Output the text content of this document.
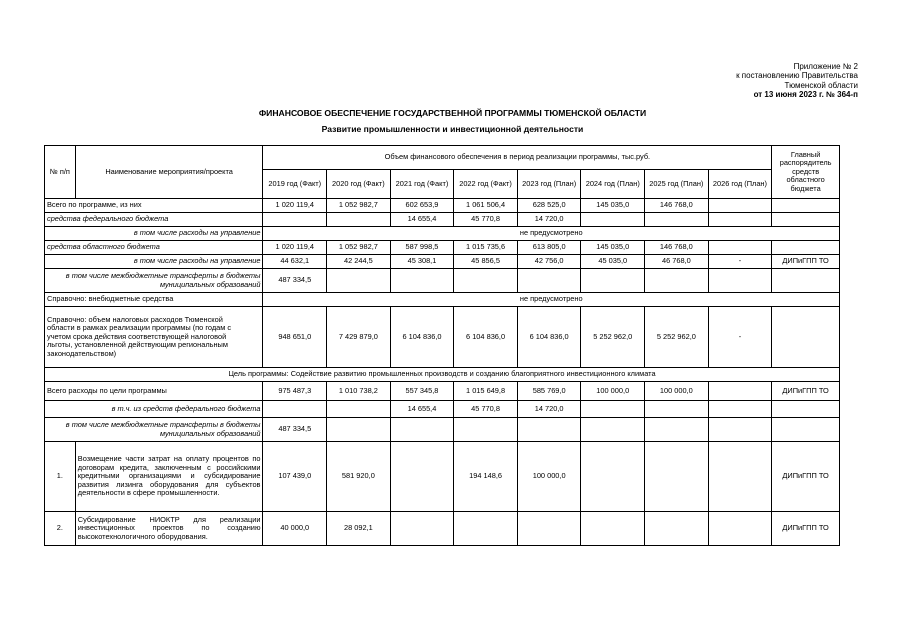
Приложение № 2
к постановлению Правительства
Тюменской области
от 13 июня 2023 г. № 364-п
ФИНАНСОВОЕ ОБЕСПЕЧЕНИЕ ГОСУДАРСТВЕННОЙ ПРОГРАММЫ ТЮМЕНСКОЙ ОБЛАСТИ
Развитие промышленности и инвестиционной деятельности
№ п/п	Наименование мероприятия/проекта	Объем финансового обеспечения в период реализации программы, тыс.руб.								Главный распорядитель средств областного бюджета
		2019 год (Факт)	2020 год (Факт)	2021 год (Факт)	2022 год (Факт)	2023 год (План)	2024 год (План)	2025 год (План)	2026 год (План)	
Всего по программе, из них		1 020 119,4	1 052 982,7	602 653,9	1 061 506,4	628 525,0	145 035,0	146 768,0		
средства федерального бюджета				14 655,4	45 770,8	14 720,0				
в том числе расходы на управление		не предусмотрено								
средства областного бюджета		1 020 119,4	1 052 982,7	587 998,5	1 015 735,6	613 805,0	145 035,0	146 768,0		
в том числе расходы на управление		44 632,1	42 244,5	45 308,1	45 856,5	42 756,0	45 035,0	46 768,0	-	ДИПиГПП ТО
в том числе межбюджетные трансферты в бюджеты муниципальных образований		487 334,5								
Справочно: внебюджетные средства		не предусмотрено								
Справочно: объем налоговых расходов Тюменской области в рамках реализации программы (по годам с учетом срока действия соответствующей налоговой льготы, установленной действующим региональным законодательством)		948 651,0	7 429 879,0	6 104 836,0	6 104 836,0	6 104 836,0	5 252 962,0	5 252 962,0	-	
Цель программы: Содействие развитию промышленных производств и созданию благоприятного инвестиционного климата										
Всего расходы по цели программы		975 487,3	1 010 738,2	557 345,8	1 015 649,8	585 769,0	100 000,0	100 000,0		ДИПиГПП ТО
в т.ч. из средств федерального бюджета				14 655,4	45 770,8	14 720,0				
в том числе межбюджетные трансферты в бюджеты муниципальных образований		487 334,5								
1.	Возмещение части затрат на оплату процентов по договорам кредита, заключенным с российскими кредитными организациями и субсидирование развития лизинга оборудования для субъектов деятельности в сфере промышленности.	107 439,0	581 920,0		194 148,6	100 000,0				ДИПиГПП ТО
2.	Субсидирование НИОКТР для реализации инвестиционных проектов по созданию высокотехнологичного оборудования.	40 000,0	28 092,1							ДИПиГПП ТО
